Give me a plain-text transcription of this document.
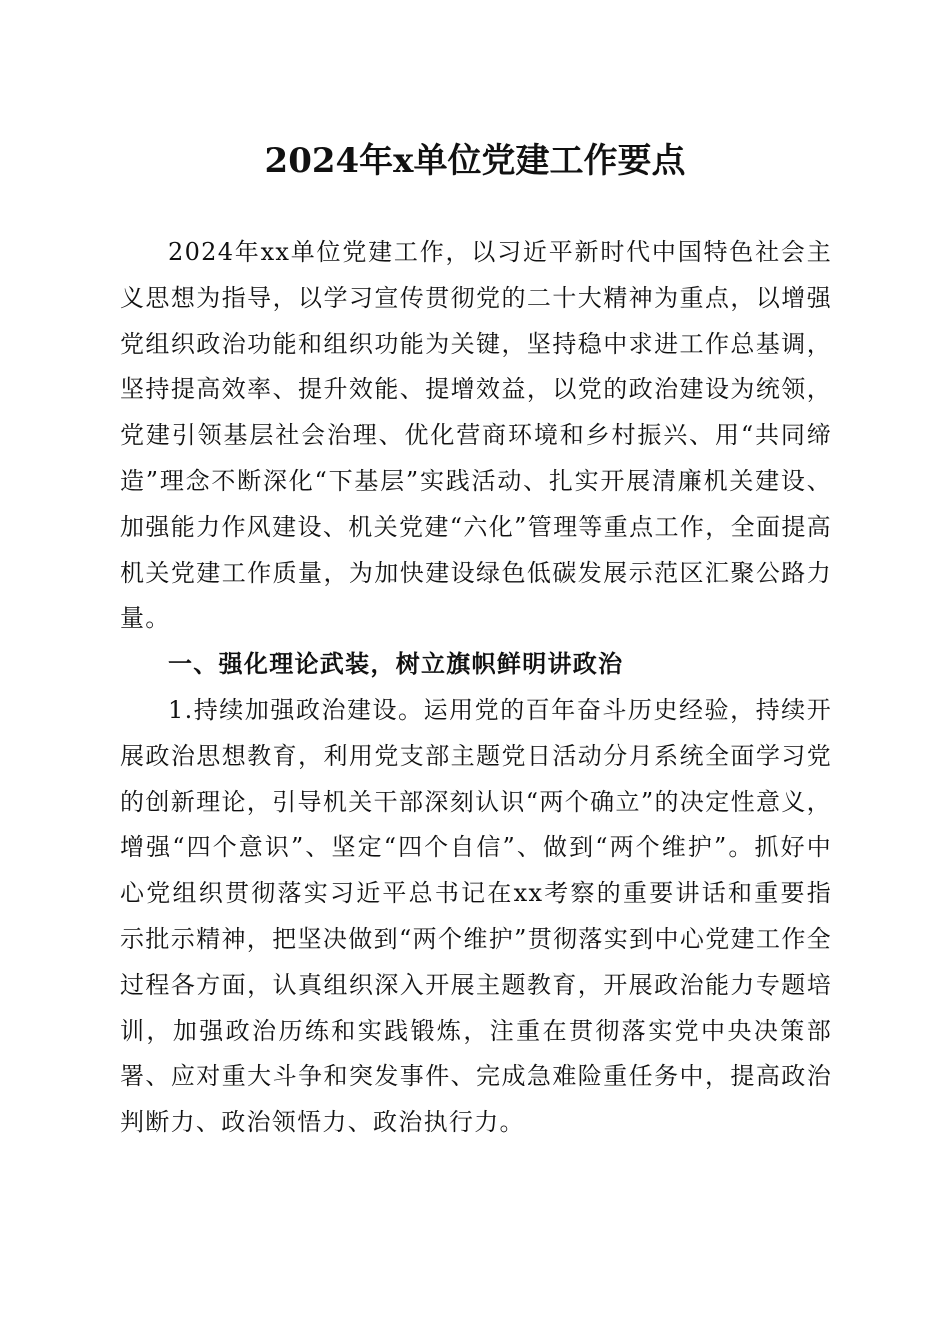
2024年x单位党建工作要点

2024年xx单位党建工作，以习近平新时代中国特色社会主义思想为指导，以学习宣传贯彻党的二十大精神为重点，以增强党组织政治功能和组织功能为关键，坚持稳中求进工作总基调，坚持提高效率、提升效能、提增效益，以党的政治建设为统领，党建引领基层社会治理、优化营商环境和乡村振兴、用“共同缔造”理念不断深化“下基层”实践活动、扎实开展清廉机关建设、加强能力作风建设、机关党建“六化”管理等重点工作，全面提高机关党建工作质量，为加快建设绿色低碳发展示范区汇聚公路力量。

一、强化理论武装，树立旗帜鲜明讲政治

1.持续加强政治建设。运用党的百年奋斗历史经验，持续开展政治思想教育，利用党支部主题党日活动分月系统全面学习党的创新理论，引导机关干部深刻认识“两个确立”的决定性意义，增强“四个意识”、坚定“四个自信”、做到“两个维护”。抓好中心党组织贯彻落实习近平总书记在xx考察的重要讲话和重要指示批示精神，把坚决做到“两个维护”贯彻落实到中心党建工作全过程各方面，认真组织深入开展主题教育，开展政治能力专题培训，加强政治历练和实践锻炼，注重在贯彻落实党中央决策部署、应对重大斗争和突发事件、完成急难险重任务中，提高政治判断力、政治领悟力、政治执行力。
